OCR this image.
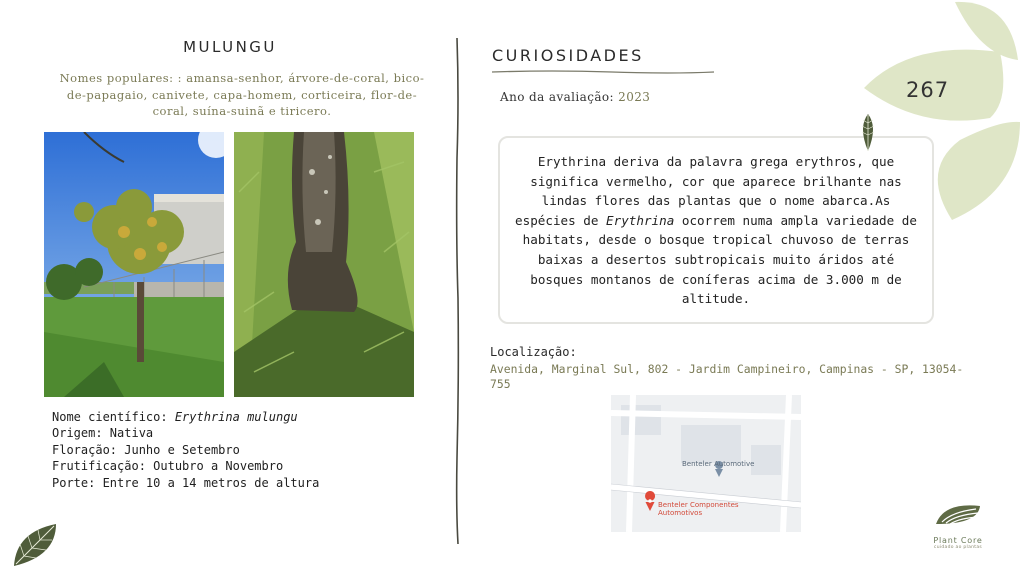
MULUNGU
Nomes populares: : amansa-senhor, árvore-de-coral, bico-de-papagaio, canivete, capa-homem, corticeira, flor-de-coral, suína-suinã e tiricero.
Nome científico: Erythrina mulungu
Origem: Nativa
Floração: Junho e Setembro
Frutificação: Outubro a Novembro
Porte: Entre 10 a 14 metros de altura
CURIOSIDADES
Ano da avaliação: 2023
Erythrina deriva da palavra grega erythros, que significa vermelho, cor que aparece brilhante nas lindas flores das plantas que o nome abarca.As espécies de Erythrina ocorrem numa ampla variedade de habitats, desde o bosque tropical chuvoso de terras baixas a desertos subtropicais muito áridos até bosques montanos de coníferas acima de 3.000 m de altitude.
Localização:
Avenida, Marginal Sul, 802 - Jardim Campineiro, Campinas - SP, 13054-755
Benteler Automotive
Benteler Componentes Automotivos
267
Plant Core
cuidado ao plantas
